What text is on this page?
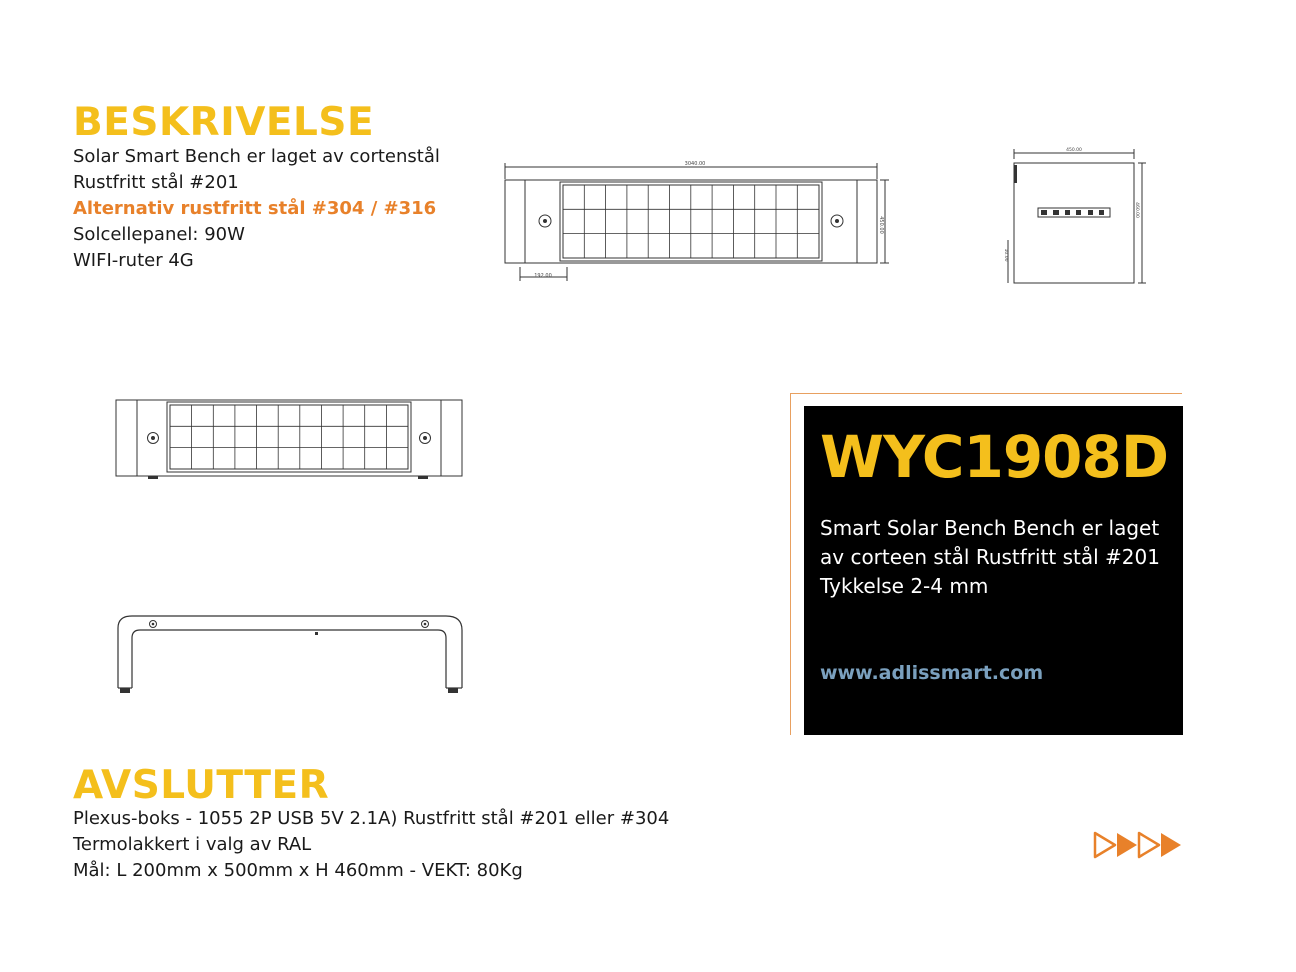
BESKRIVELSE
Solar Smart Bench er laget av cortenstål
Rustfritt stål #201
Alternativ rustfritt stål #304 / #316
Solcellepanel: 90W
WIFI-ruter 4G
3040.00
192.00
450.00
450.00
460.00
10.00
WYC1908D
Smart Solar Bench Bench er laget av corteen stål Rustfritt stål #201 Tykkelse 2-4 mm
www.adlissmart.com
AVSLUTTER
Plexus-boks - 1055 2P USB 5V 2.1A) Rustfritt stål #201 eller #304
Termolakkert i valg av RAL
Mål: L 200mm x 500mm x H 460mm - VEKT: 80Kg
